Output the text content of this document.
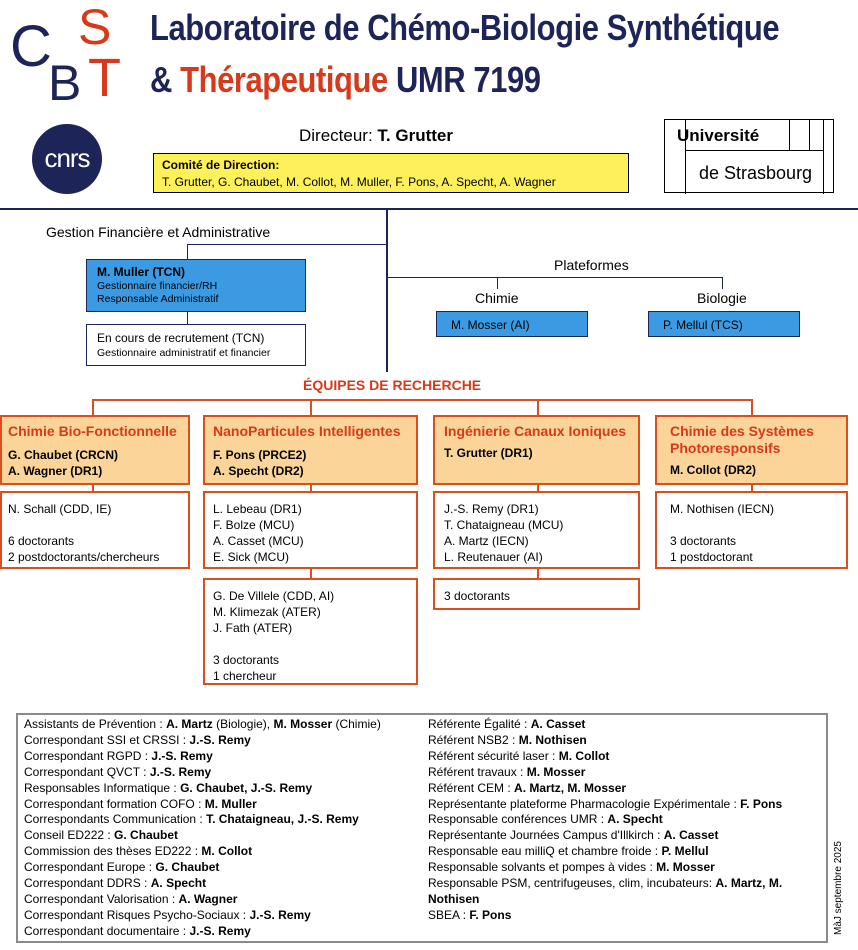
C
B
S
T
Laboratoire de Chémo-Biologie Synthétique
& Thérapeutique UMR 7199
cnrs
Université
de Strasbourg
Directeur: T. Grutter
Comité de Direction:
T. Grutter, G. Chaubet, M. Collot, M. Muller, F. Pons, A. Specht, A. Wagner
Gestion Financière et Administrative
M. Muller (TCN)
Gestionnaire financier/RH
Responsable Administratif
En cours de recrutement (TCN)
Gestionnaire administratif et financier
Plateformes
Chimie	Biologie
M. Mosser (AI)	P. Mellul (TCS)
ÉQUIPES DE RECHERCHE
Chimie Bio-Fonctionnelle
G. Chaubet (CRCN)
A. Wagner (DR1)
N. Schall (CDD, IE)

6 doctorants
2 postdoctorants/chercheurs
NanoParticules Intelligentes
F. Pons (PRCE2)
A. Specht (DR2)
L. Lebeau (DR1)
F. Bolze (MCU)
A. Casset (MCU)
E. Sick (MCU)
G. De Villele (CDD, AI)
M. Klimezak (ATER)
J. Fath (ATER)

3 doctorants
1 chercheur
Ingénierie Canaux Ioniques
T. Grutter (DR1)
J.-S. Remy (DR1)
T. Chataigneau (MCU)
A. Martz (IECN)
L. Reutenauer (AI)
3 doctorants
Chimie des Systèmes Photoresponsifs
M. Collot (DR2)
M. Nothisen (IECN)

3 doctorants
1 postdoctorant
Assistants de Prévention : A. Martz (Biologie), M. Mosser (Chimie)
Correspondant SSI et CRSSI : J.-S. Remy
Correspondant RGPD : J.-S. Remy
Correspondant QVCT : J.-S. Remy
Responsables Informatique : G. Chaubet, J.-S. Remy
Correspondant formation COFO : M. Muller
Correspondants Communication : T. Chataigneau, J.-S. Remy
Conseil ED222 : G. Chaubet
Commission des thèses ED222 : M. Collot
Correspondant Europe : G. Chaubet
Correspondant DDRS : A. Specht
Correspondant Valorisation : A. Wagner
Correspondant Risques Psycho-Sociaux : J.-S. Remy
Correspondant documentaire : J.-S. Remy
Référente Égalité : A. Casset
Référent NSB2 : M. Nothisen
Référent sécurité laser : M. Collot
Référent travaux : M. Mosser
Référent CEM : A. Martz, M. Mosser
Représentante plateforme Pharmacologie Expérimentale : F. Pons
Responsable conférences UMR : A. Specht
Représentante Journées Campus d'Illkirch : A. Casset
Responsable eau milliQ et chambre froide : P. Mellul
Responsable solvants et pompes à vides : M. Mosser
Responsable PSM, centrifugeuses, clim, incubateurs: A. Martz, M.
Nothisen
SBEA : F. Pons	MàJ septembre 2025
